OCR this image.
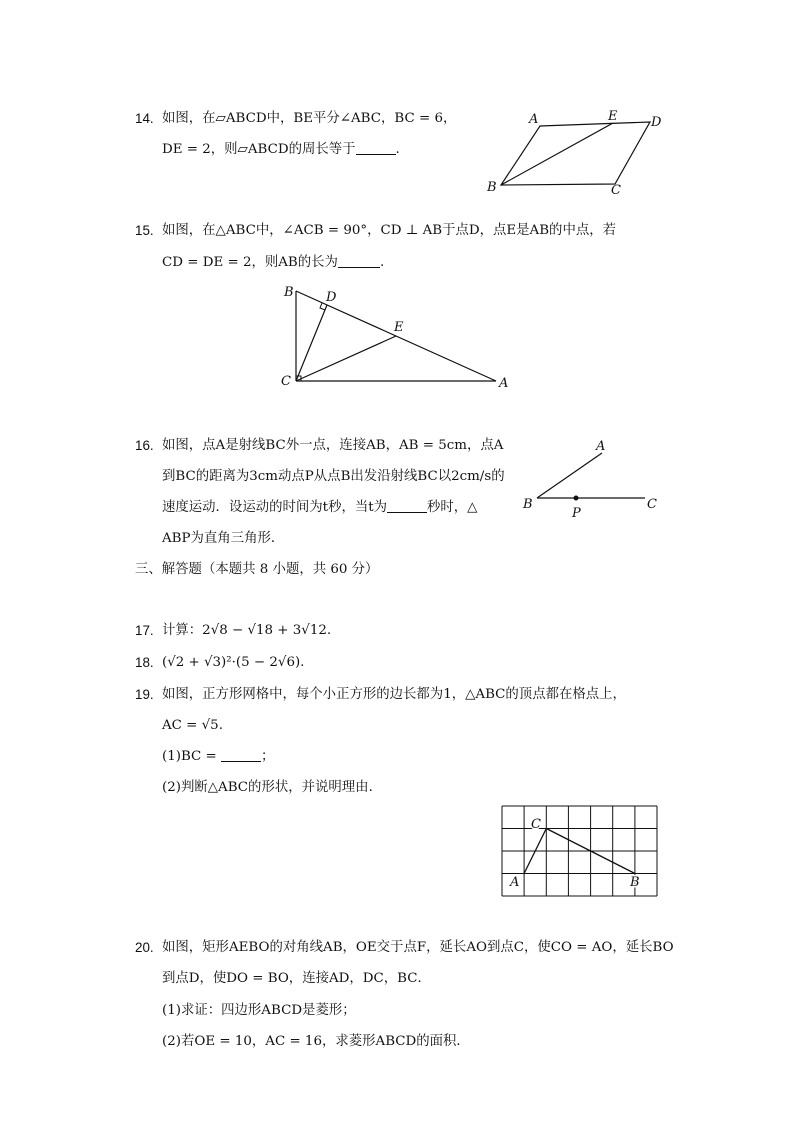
14. 如图，在▱ABCD中，BE平分∠ABC，BC = 6，
DE = 2，则▱ABCD的周长等于	.
A	E	D
B	C
15. 如图，在△ABC中，∠ACB = 90°，CD ⊥ AB于点D，点E是AB的中点，若
CD = DE = 2，则AB的长为	.
B D
E
C	A
16. 如图，点A是射线BC外一点，连接AB，AB = 5cm，点A
到BC的距离为3cm动点P从点B出发沿射线BC以2cm/s的
速度运动．设运动的时间为t秒，当t为	秒时，△
ABP为直角三角形．
A
B
P
C
三、解答题（本题共 8 小题，共 60 分）
17. 计算：2√8 − √18 + 3√12.
18. (√2 + √3)²·(5 − 2√6).
19. 如图，正方形网格中，每个小正方形的边长都为1，△ABC的顶点都在格点上，
AC = √5.
(1)BC =	；
(2)判断△ABC的形状，并说明理由．
C
A	B
20. 如图，矩形AEBO的对角线AB，OE交于点F，延长AO到点C，使CO = AO，延长BO
到点D，使DO = BO，连接AD，DC，BC．
(1)求证：四边形ABCD是菱形；
(2)若OE = 10，AC = 16，求菱形ABCD的面积．
